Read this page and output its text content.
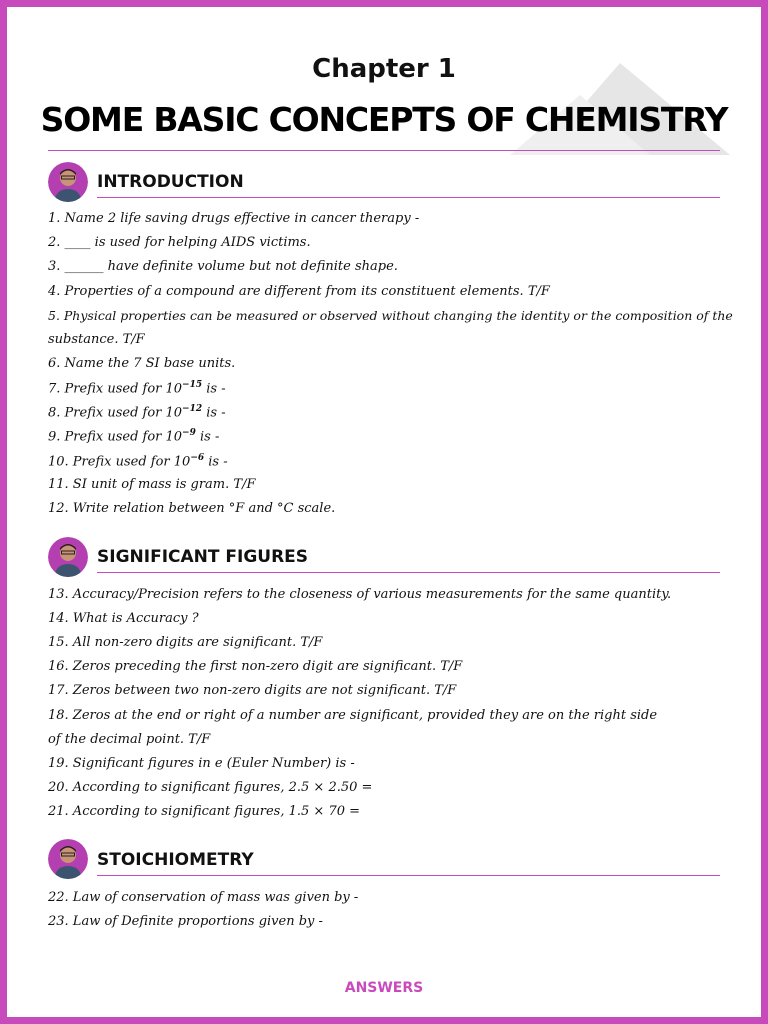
Chapter 1
SOME BASIC CONCEPTS OF CHEMISTRY
INTRODUCTION
1. Name 2 life saving drugs effective in cancer therapy -
2. ____ is used for helping AIDS victims.
3. ______ have definite volume but not definite shape.
4. Properties of a compound are different from its constituent elements. T/F
5. Physical properties can be measured or observed without changing the identity or the composition of the
substance. T/F
6. Name the 7 SI base units.
7. Prefix used for $10^{-15}$ is -
8. Prefix used for $10^{-12}$ is -
9. Prefix used for $10^{-9}$ is -
10. Prefix used for $10^{-6}$ is -
11. SI unit of mass is gram. T/F
12. Write relation between °F and °C scale.
SIGNIFICANT FIGURES
13. Accuracy/Precision refers to the closeness of various measurements for the same quantity.
14. What is Accuracy ?
15. All non-zero digits are significant. T/F
16. Zeros preceding the first non-zero digit are significant. T/F
17. Zeros between two non-zero digits are not significant. T/F
18. Zeros at the end or right of a number are significant, provided they are on the right side
of the decimal point. T/F
19. Significant figures in e (Euler Number) is -
20. According to significant figures, 2.5 × 2.50 =
21. According to significant figures, 1.5 × 70 =
STOICHIOMETRY
22. Law of conservation of mass was given by -
23. Law of Definite proportions given by -
ANSWERS
